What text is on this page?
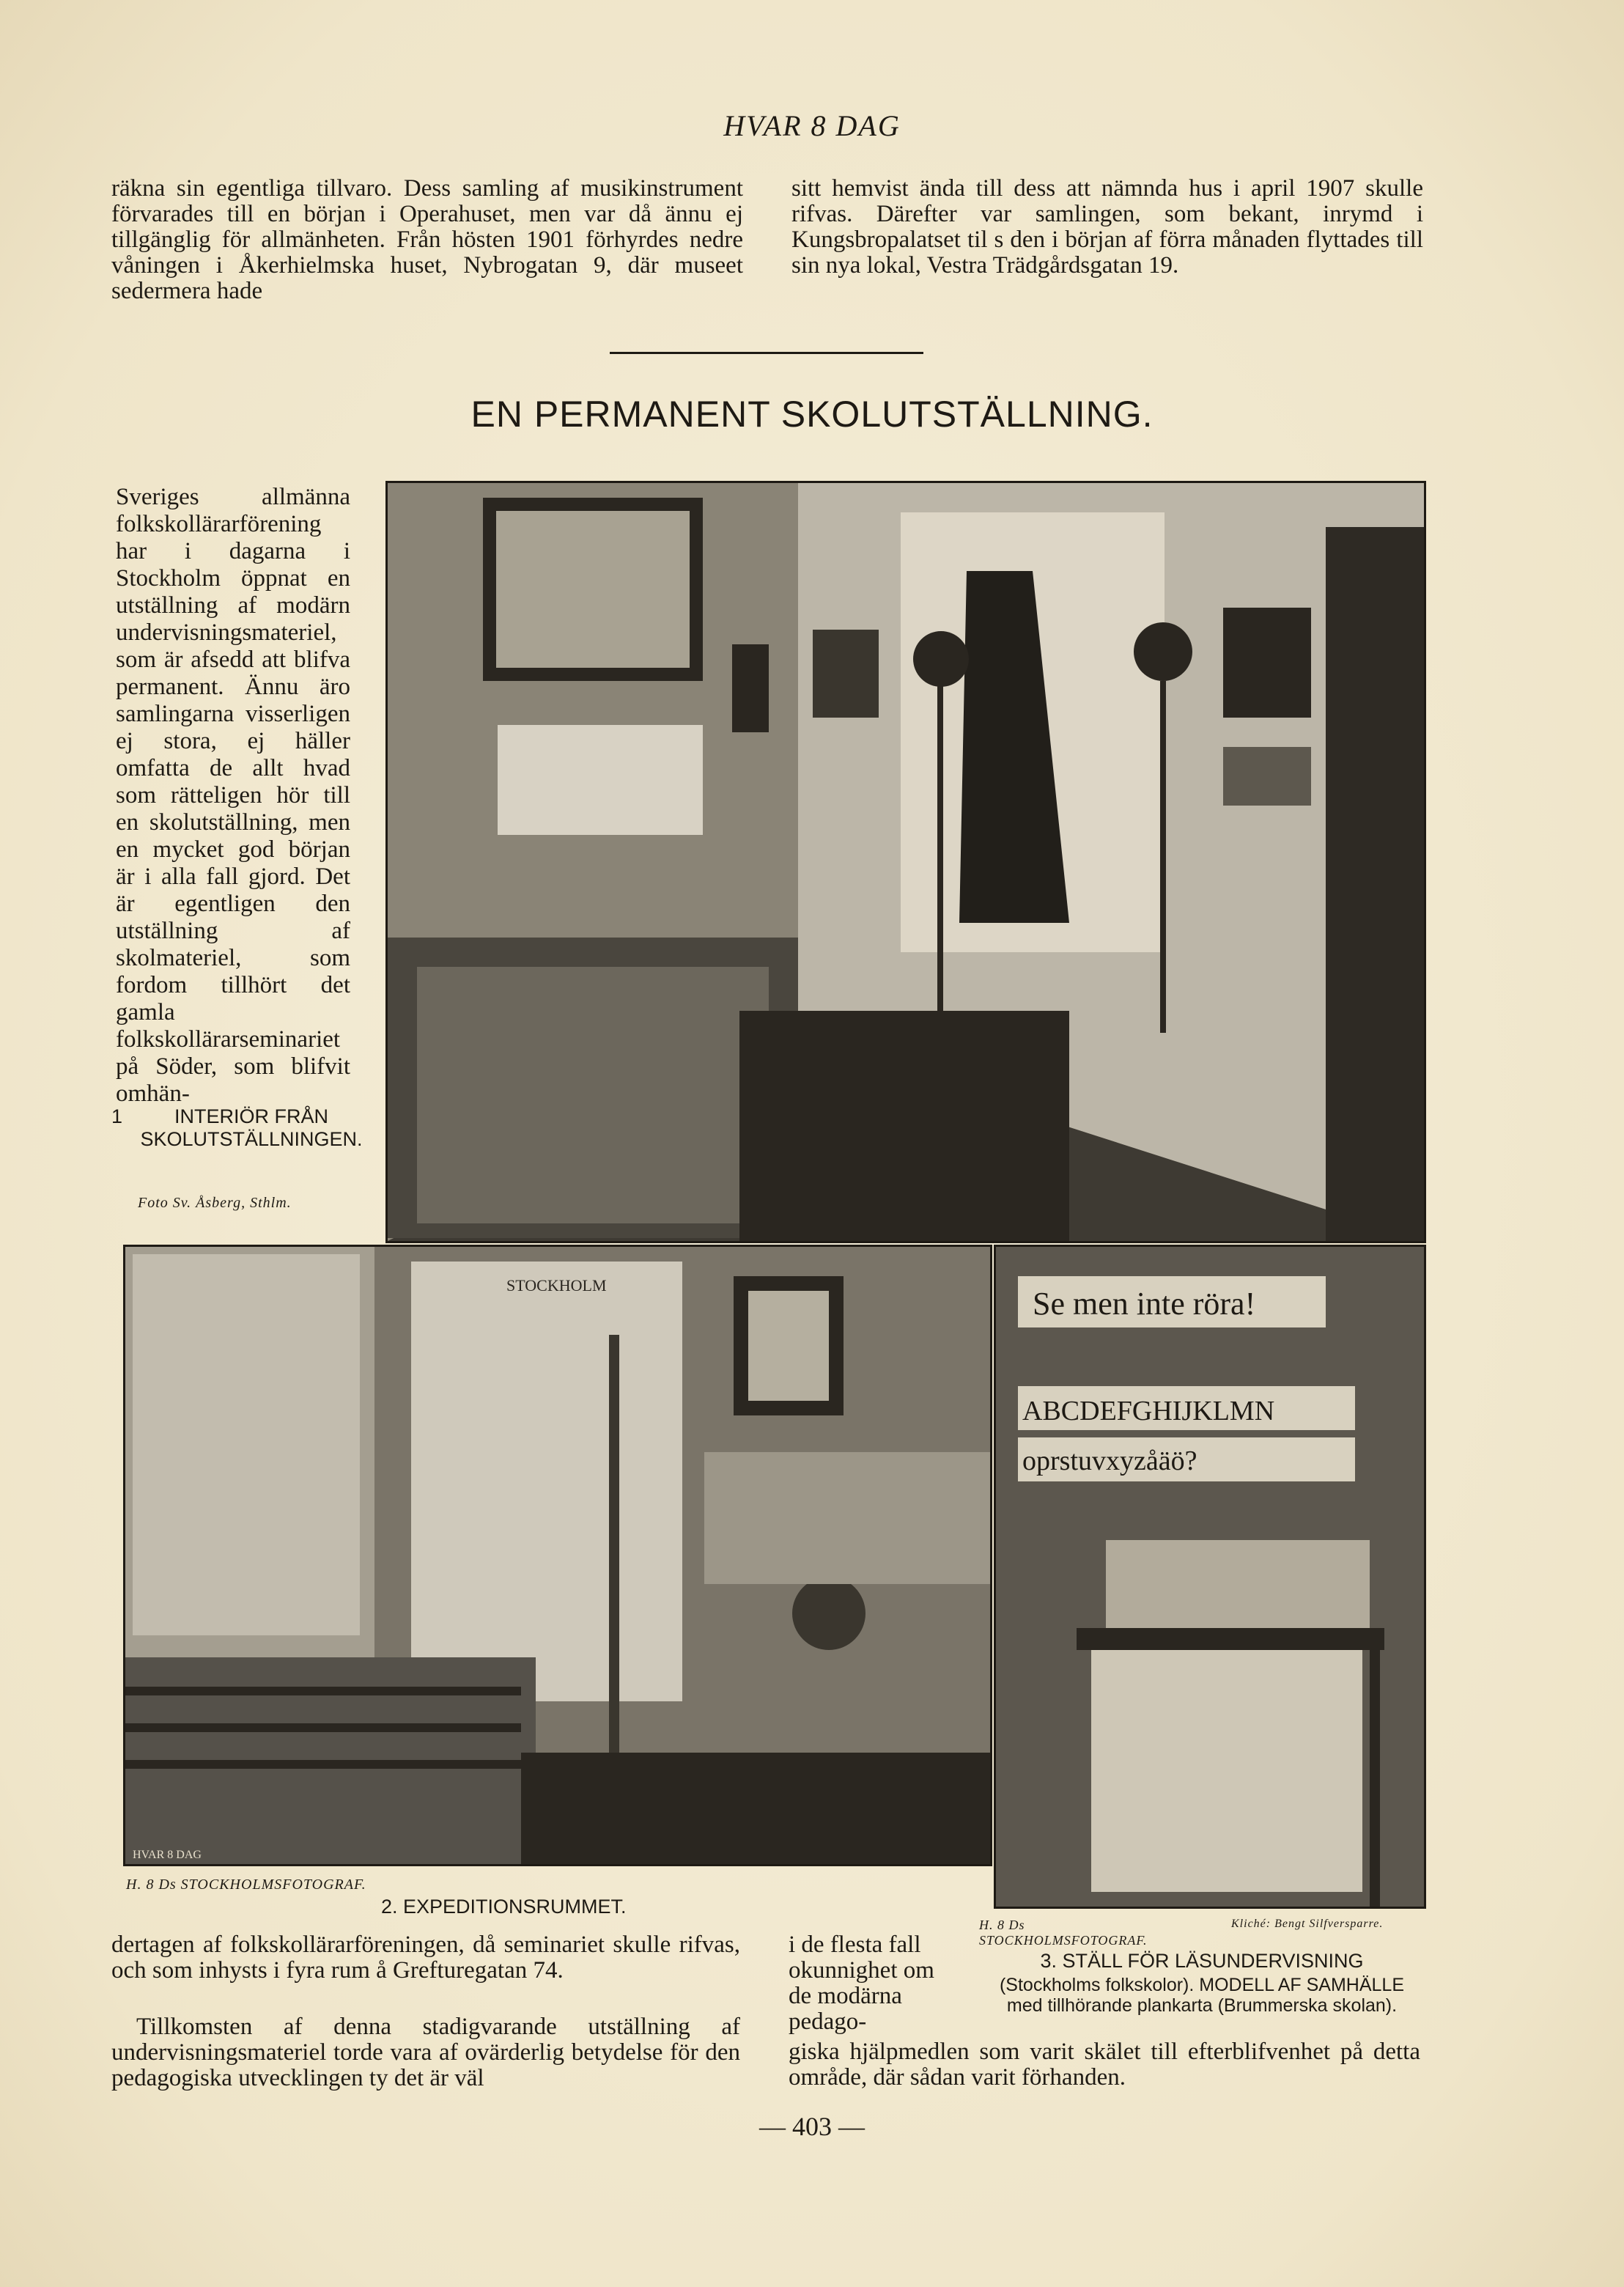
HVAR 8 DAG
räkna sin egentliga tillvaro. Dess samling af musikinstrument förvarades till en början i Operahuset, men var då ännu ej tillgänglig för allmänheten. Från hösten 1901 förhyrdes nedre våningen i Åkerhielmska huset, Nybrogatan 9, där museet sedermera hade
sitt hemvist ända till dess att nämnda hus i april 1907 skulle rifvas. Därefter var samlingen, som bekant, inrymd i Kungsbropalatset til s den i början af förra månaden flyttades till sin nya lokal, Vestra Trädgårdsgatan 19.
EN PERMANENT SKOLUTSTÄLLNING.
Sveriges allmänna folkskollärarförening har i dagarna i Stockholm öppnat en utställning af modärn undervisningsmateriel, som är afsedd att blifva permanent. Ännu äro samlingarna visserligen ej stora, ej häller omfatta de allt hvad som rätteligen hör till en skolutställning, men en mycket god början är i alla fall gjord. Det är egentligen den utställning af skolmateriel, som fordom tillhört det gamla folkskollärarseminariet på Söder, som blifvit omhän-
1	INTERIÖR FRÅN SKOLUTSTÄLLNINGEN.
Foto Sv. Åsberg, Sthlm.
STOCKHOLM
HVAR 8 DAG
H. 8 Ds STOCKHOLMSFOTOGRAF.
2. EXPEDITIONSRUMMET.
Se men inte röra!
ABCDEFGHIJKLMN
oprstuvxyzåäö?
H. 8 Ds STOCKHOLMSFOTOGRAF.
Kliché: Bengt Silfversparre.
3. STÄLL FÖR LÄSUNDERVISNING
(Stockholms folkskolor). MODELL AF SAMHÄLLE med tillhörande plankarta (Brummerska skolan).
dertagen af folkskollärarföreningen, då seminariet skulle rifvas, och som inhysts i fyra rum å Grefturegatan 74.
Tillkomsten af denna stadigvarande utställning af undervisningsmateriel torde vara af ovärderlig betydelse för den pedagogiska utvecklingen ty det är väl
i de flesta fall okunnighet om de modärna pedago-
giska hjälpmedlen som varit skälet till efterblifvenhet på detta område, där sådan varit förhanden.
— 403 —
